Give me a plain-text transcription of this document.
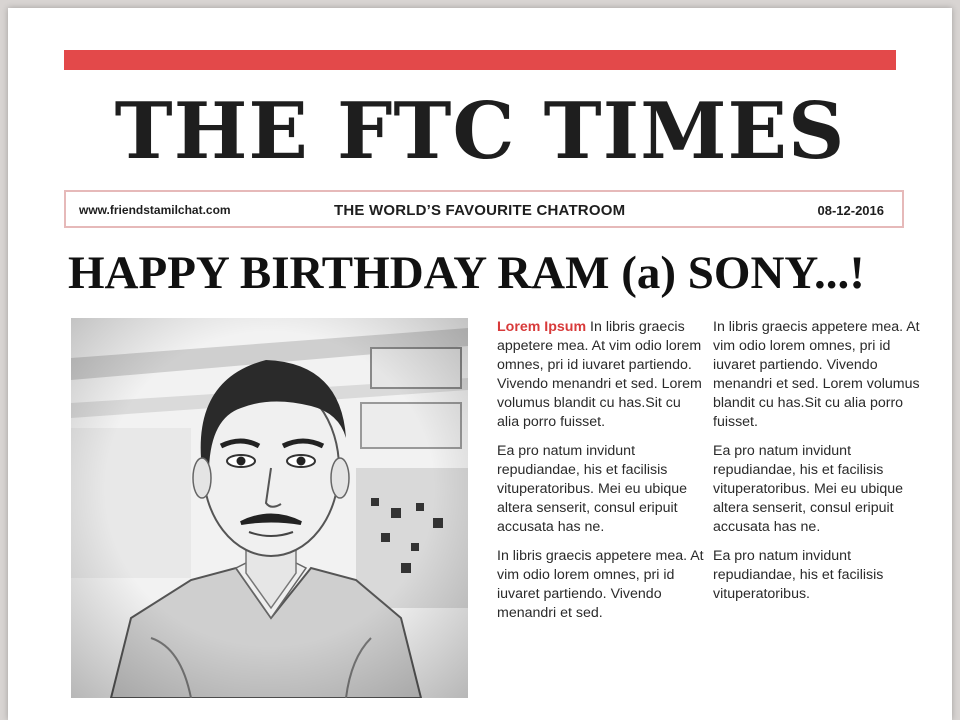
THE FTC TIMES
www.friendstamilchat.com	THE WORLD’S FAVOURITE CHATROOM	08-12-2016
HAPPY BIRTHDAY RAM (a) SONY...!

Lorem Ipsum In libris graecis appetere mea. At vim odio lorem omnes, pri id iuvaret partiendo. Vivendo menandri et sed. Lorem volumus blandit cu has.Sit cu alia porro fuisset.

Ea pro natum invidunt repudiandae, his et facilisis vituperatoribus. Mei eu ubique altera senserit, consul eripuit accusata has ne.

In libris graecis appetere mea. At vim odio lorem omnes, pri id iuvaret partiendo. Vivendo menandri et sed.

In libris graecis appetere mea. At vim odio lorem omnes, pri id iuvaret partiendo. Vivendo menandri et sed. Lorem volumus blandit cu has.Sit cu alia porro fuisset.

Ea pro natum invidunt repudiandae, his et facilisis vituperatoribus. Mei eu ubique altera senserit, consul eripuit accusata has ne.

Ea pro natum invidunt repudiandae, his et facilisis vituperatoribus.
